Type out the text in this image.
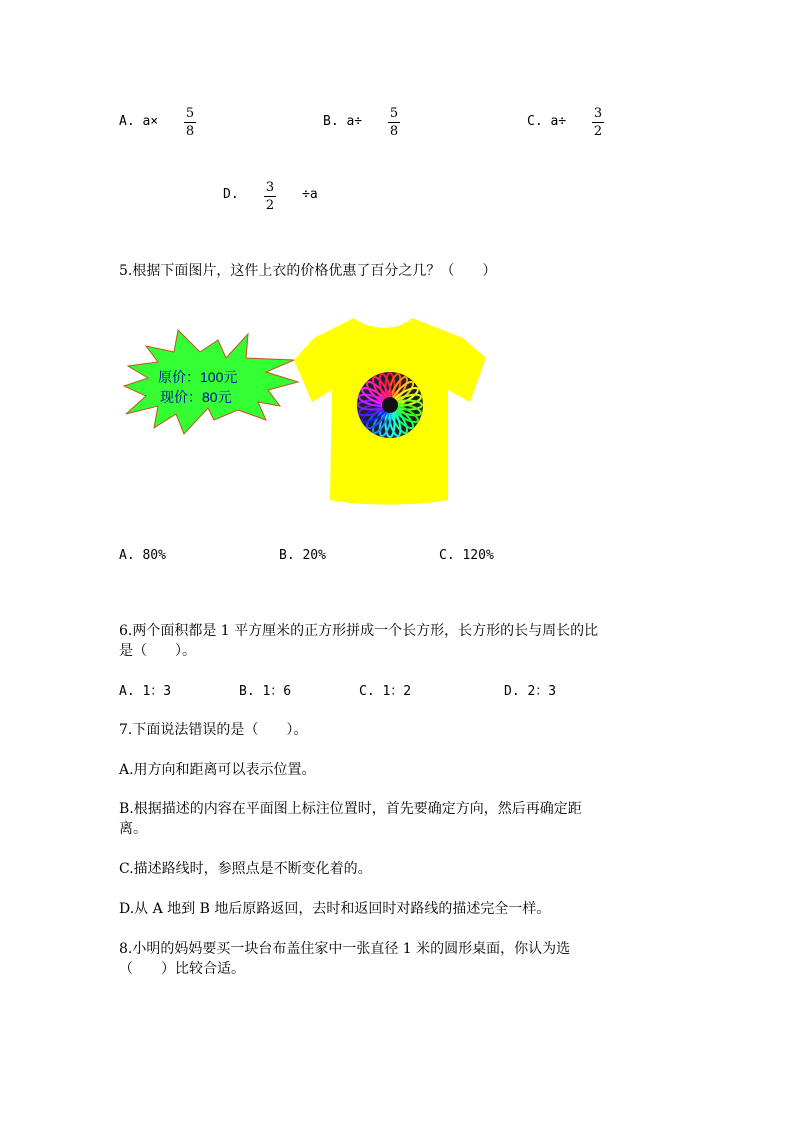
A. a×
5
8
B. a÷
5
8
C. a÷
3
2
D. 3
2
÷a
5.根据下面图片，这件上衣的价格优惠了百分之几？（　　）
原价：100元
现价：80元
A. 80%	B. 20%	C. 120%
6.两个面积都是 1 平方厘米的正方形拼成一个长方形，长方形的长与周长的比
是（　　）。
A. 1：3	B. 1：6	C. 1：2	D. 2：3
7.下面说法错误的是（　　）。
A.用方向和距离可以表示位置。
B.根据描述的内容在平面图上标注位置时，首先要确定方向，然后再确定距
离。
C.描述路线时，参照点是不断变化着的。
D.从 A 地到 B 地后原路返回，去时和返回时对路线的描述完全一样。
8.小明的妈妈要买一块台布盖住家中一张直径 1 米的圆形桌面，你认为选
（　　）比较合适。
